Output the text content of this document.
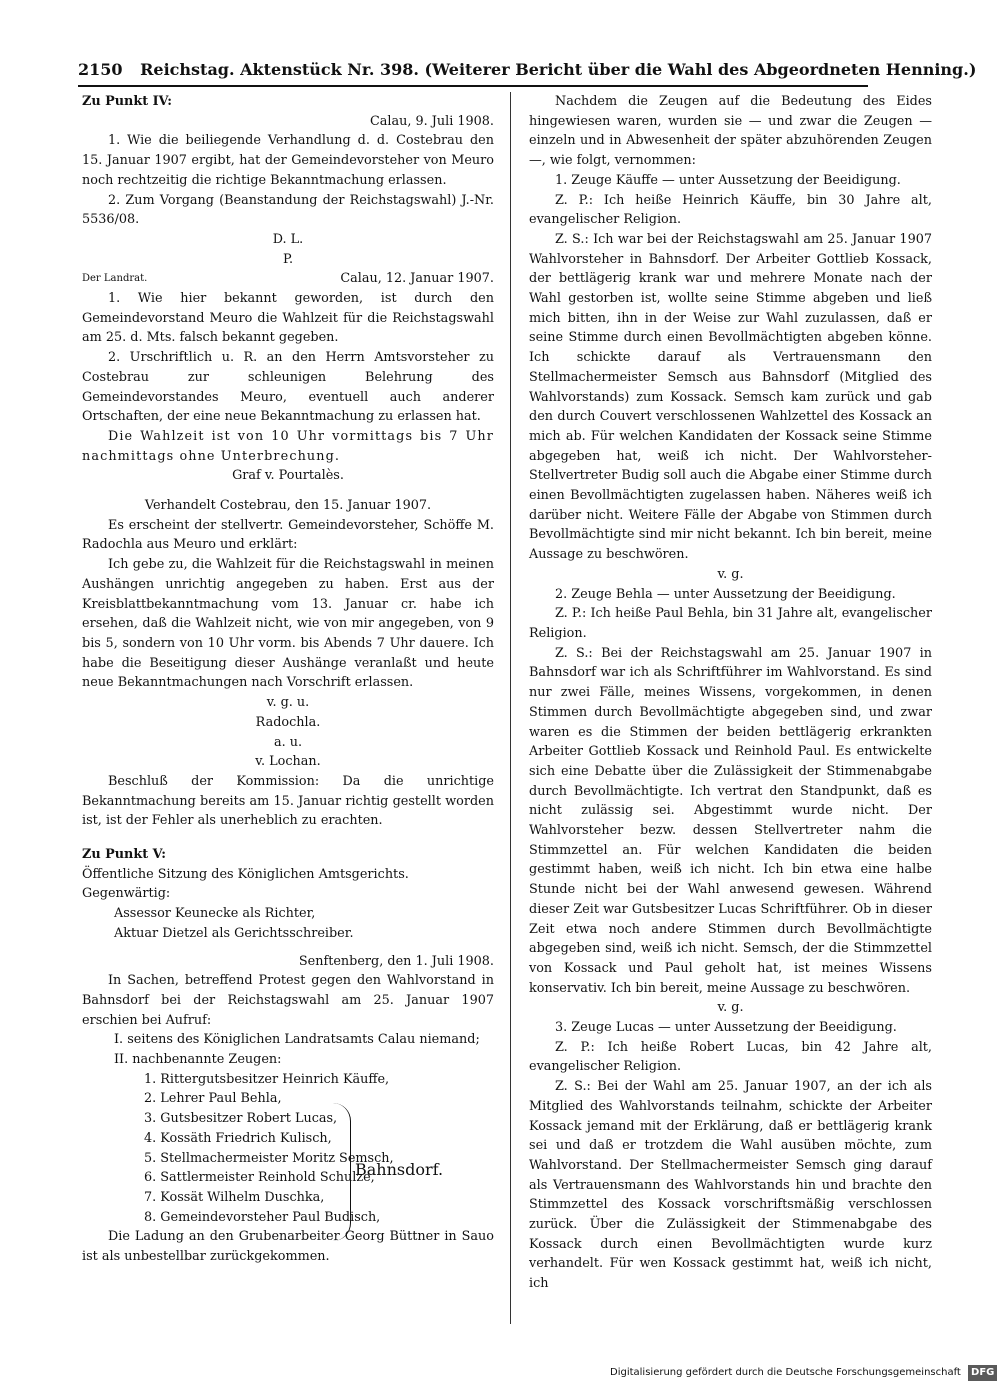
2150 Reichstag. Aktenstück Nr. 398. (Weiterer Bericht über die Wahl des Abgeordneten Henning.)

Zu Punkt IV:

Calau, 9. Juli 1908.

1. Wie die beiliegende Verhandlung d. d. Costebrau den 15. Januar 1907 ergibt, hat der Gemeindevorsteher von Meuro noch rechtzeitig die richtige Bekanntmachung erlassen.

2. Zum Vorgang (Beanstandung der Reichstagswahl) J.-Nr. 5536/08.

D. L.

P.

Der Landrat.	Calau, 12. Januar 1907.

1. Wie hier bekannt geworden, ist durch den Gemeindevorstand Meuro die Wahlzeit für die Reichstagswahl am 25. d. Mts. falsch bekannt gegeben.

2. Urschriftlich u. R. an den Herrn Amtsvorsteher zu Costebrau zur schleunigen Belehrung des Gemeindevorstandes Meuro, eventuell auch anderer Ortschaften, der eine neue Bekanntmachung zu erlassen hat.

Die Wahlzeit ist von 10 Uhr vormittags bis 7 Uhr nachmittags ohne Unterbrechung.

Graf v. Pourtalès.

Verhandelt Costebrau, den 15. Januar 1907.

Es erscheint der stellvertr. Gemeindevorsteher, Schöffe M. Radochla aus Meuro und erklärt:

Ich gebe zu, die Wahlzeit für die Reichstagswahl in meinen Aushängen unrichtig angegeben zu haben. Erst aus der Kreisblattbekanntmachung vom 13. Januar cr. habe ich ersehen, daß die Wahlzeit nicht, wie von mir angegeben, von 9 bis 5, sondern von 10 Uhr vorm. bis Abends 7 Uhr dauere. Ich habe die Beseitigung dieser Aushänge veranlaßt und heute neue Bekanntmachungen nach Vorschrift erlassen.

v. g. u.

Radochla.

a. u.

v. Lochan.

Beschluß der Kommission: Da die unrichtige Bekanntmachung bereits am 15. Januar richtig gestellt worden ist, ist der Fehler als unerheblich zu erachten.

Zu Punkt V:

Öffentliche Sitzung des Königlichen Amtsgerichts.

Gegenwärtig:

Assessor Keunecke als Richter,

Aktuar Dietzel als Gerichtsschreiber.

Senftenberg, den 1. Juli 1908.

In Sachen, betreffend Protest gegen den Wahlvorstand in Bahnsdorf bei der Reichstagswahl am 25. Januar 1907 erschien bei Aufruf:

I. seitens des Königlichen Landratsamts Calau niemand;

II. nachbenannte Zeugen:

1. Rittergutsbesitzer Heinrich Käuffe,

2. Lehrer Paul Behla,

3. Gutsbesitzer Robert Lucas,

4. Kossäth Friedrich Kulisch,

5. Stellmachermeister Moritz Semsch,

6. Sattlermeister Reinhold Schulze,

7. Kossät Wilhelm Duschka,

8. Gemeindevorsteher Paul Budisch,

Die Ladung an den Grubenarbeiter Georg Büttner in Sauo ist als unbestellbar zurückgekommen.

Bahnsdorf.

Nachdem die Zeugen auf die Bedeutung des Eides hingewiesen waren, wurden sie — und zwar die Zeugen — einzeln und in Abwesenheit der später abzuhörenden Zeugen —, wie folgt, vernommen:

1. Zeuge Käuffe — unter Aussetzung der Beeidigung.

Z. P.: Ich heiße Heinrich Käuffe, bin 30 Jahre alt, evangelischer Religion.

Z. S.: Ich war bei der Reichstagswahl am 25. Januar 1907 Wahlvorsteher in Bahnsdorf. Der Arbeiter Gottlieb Kossack, der bettlägerig krank war und mehrere Monate nach der Wahl gestorben ist, wollte seine Stimme abgeben und ließ mich bitten, ihn in der Weise zur Wahl zuzulassen, daß er seine Stimme durch einen Bevollmächtigten abgeben könne. Ich schickte darauf als Vertrauensmann den Stellmachermeister Semsch aus Bahnsdorf (Mitglied des Wahlvorstands) zum Kossack. Semsch kam zurück und gab den durch Couvert verschlossenen Wahlzettel des Kossack an mich ab. Für welchen Kandidaten der Kossack seine Stimme abgegeben hat, weiß ich nicht. Der Wahlvorsteher-Stellvertreter Budig soll auch die Abgabe einer Stimme durch einen Bevollmächtigten zugelassen haben. Näheres weiß ich darüber nicht. Weitere Fälle der Abgabe von Stimmen durch Bevollmächtigte sind mir nicht bekannt. Ich bin bereit, meine Aussage zu beschwören.

v. g.

2. Zeuge Behla — unter Aussetzung der Beeidigung.

Z. P.: Ich heiße Paul Behla, bin 31 Jahre alt, evangelischer Religion.

Z. S.: Bei der Reichstagswahl am 25. Januar 1907 in Bahnsdorf war ich als Schriftführer im Wahlvorstand. Es sind nur zwei Fälle, meines Wissens, vorgekommen, in denen Stimmen durch Bevollmächtigte abgegeben sind, und zwar waren es die Stimmen der beiden bettlägerig erkrankten Arbeiter Gottlieb Kossack und Reinhold Paul. Es entwickelte sich eine Debatte über die Zulässigkeit der Stimmenabgabe durch Bevollmächtigte. Ich vertrat den Standpunkt, daß es nicht zulässig sei. Abgestimmt wurde nicht. Der Wahlvorsteher bezw. dessen Stellvertreter nahm die Stimmzettel an. Für welchen Kandidaten die beiden gestimmt haben, weiß ich nicht. Ich bin etwa eine halbe Stunde nicht bei der Wahl anwesend gewesen. Während dieser Zeit war Gutsbesitzer Lucas Schriftführer. Ob in dieser Zeit etwa noch andere Stimmen durch Bevollmächtigte abgegeben sind, weiß ich nicht. Semsch, der die Stimmzettel von Kossack und Paul geholt hat, ist meines Wissens konservativ. Ich bin bereit, meine Aussage zu beschwören.

v. g.

3. Zeuge Lucas — unter Aussetzung der Beeidigung.

Z. P.: Ich heiße Robert Lucas, bin 42 Jahre alt, evangelischer Religion.

Z. S.: Bei der Wahl am 25. Januar 1907, an der ich als Mitglied des Wahlvorstands teilnahm, schickte der Arbeiter Kossack jemand mit der Erklärung, daß er bettlägerig krank sei und daß er trotzdem die Wahl ausüben möchte, zum Wahlvorstand. Der Stellmachermeister Semsch ging darauf als Vertrauensmann des Wahlvorstands hin und brachte den Stimmzettel des Kossack vorschriftsmäßig verschlossen zurück. Über die Zulässigkeit der Stimmenabgabe des Kossack durch einen Bevollmächtigten wurde kurz verhandelt. Für wen Kossack gestimmt hat, weiß ich nicht, ich

Digitalisierung gefördert durch die Deutsche Forschungsgemeinschaft DFG
